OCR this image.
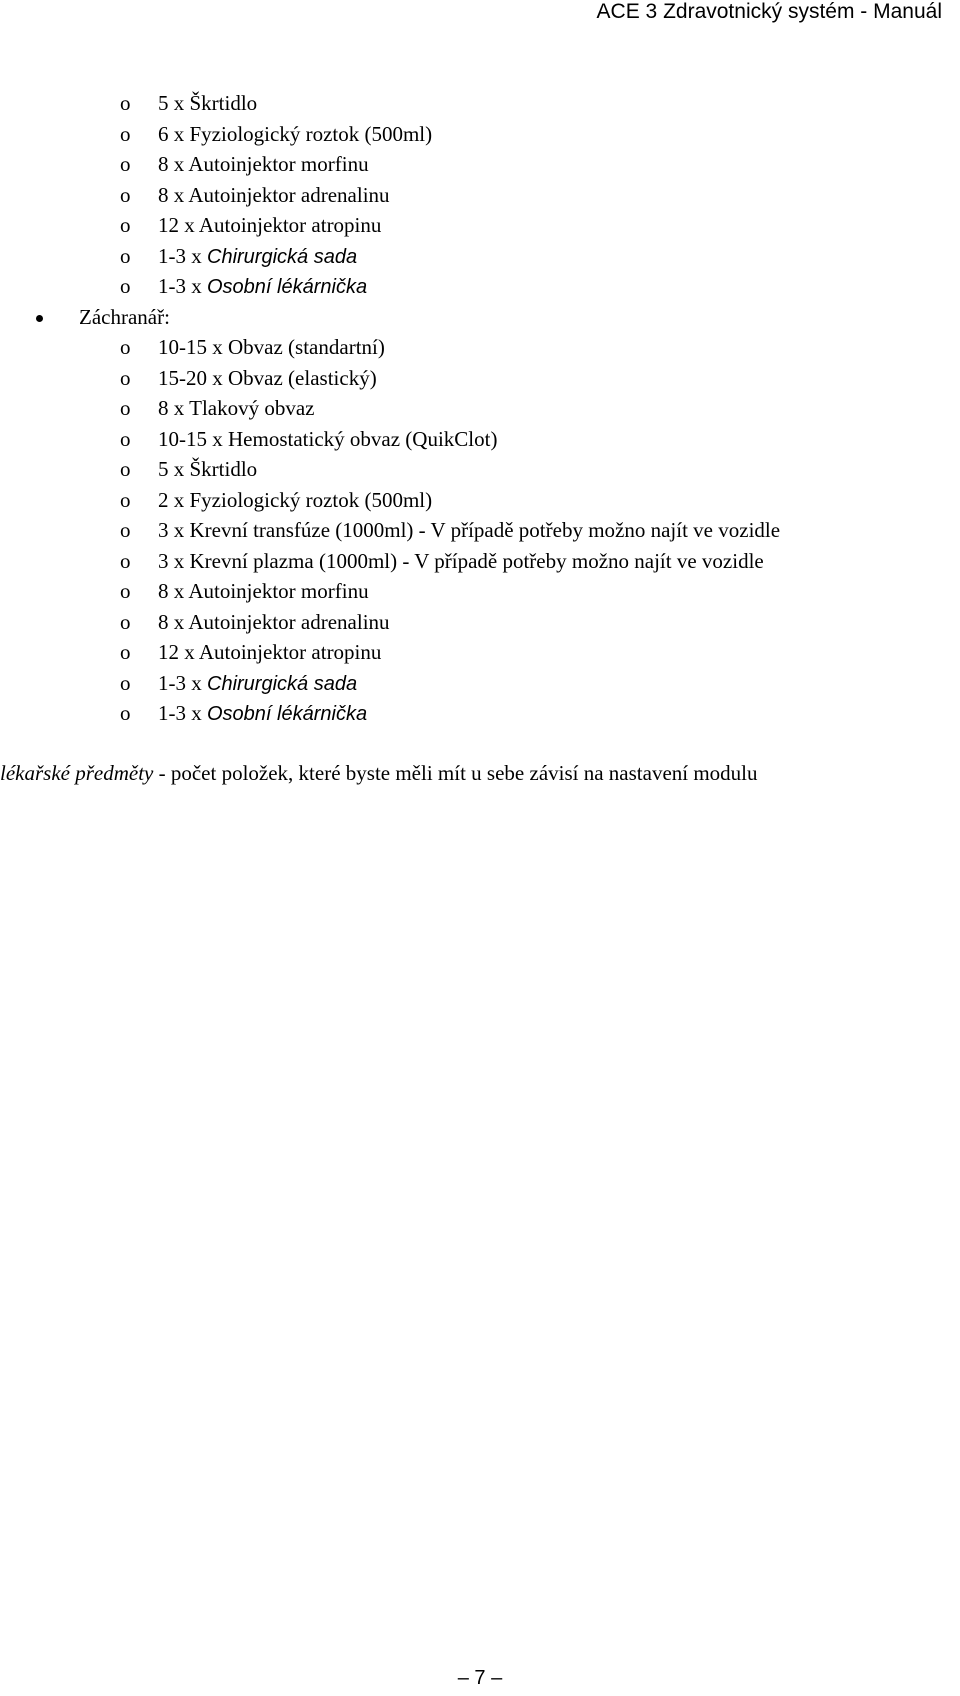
ACE 3 Zdravotnický systém - Manuál
o 5 x Škrtidlo
o 6 x Fyziologický roztok (500ml)
o 8 x Autoinjektor morfinu
o 8 x Autoinjektor adrenalinu
o 12 x Autoinjektor atropinu
o 1-3 x Chirurgická sada
o 1-3 x Osobní lékárnička
Záchranář:
o 10-15 x Obvaz (standartní)
o 15-20 x Obvaz (elastický)
o 8 x Tlakový obvaz
o 10-15 x Hemostatický obvaz (QuikClot)
o 5 x Škrtidlo
o 2 x Fyziologický roztok (500ml)
o 3 x Krevní transfúze (1000ml) - V případě potřeby možno najít ve vozidle
o 3 x Krevní plazma (1000ml) - V případě potřeby možno najít ve vozidle
o 8 x Autoinjektor morfinu
o 8 x Autoinjektor adrenalinu
o 12 x Autoinjektor atropinu
o 1-3 x Chirurgická sada
o 1-3 x Osobní lékárnička
lékařské předměty - počet položek, které byste měli mít u sebe závisí na nastavení modulu
‒ 7 ‒
